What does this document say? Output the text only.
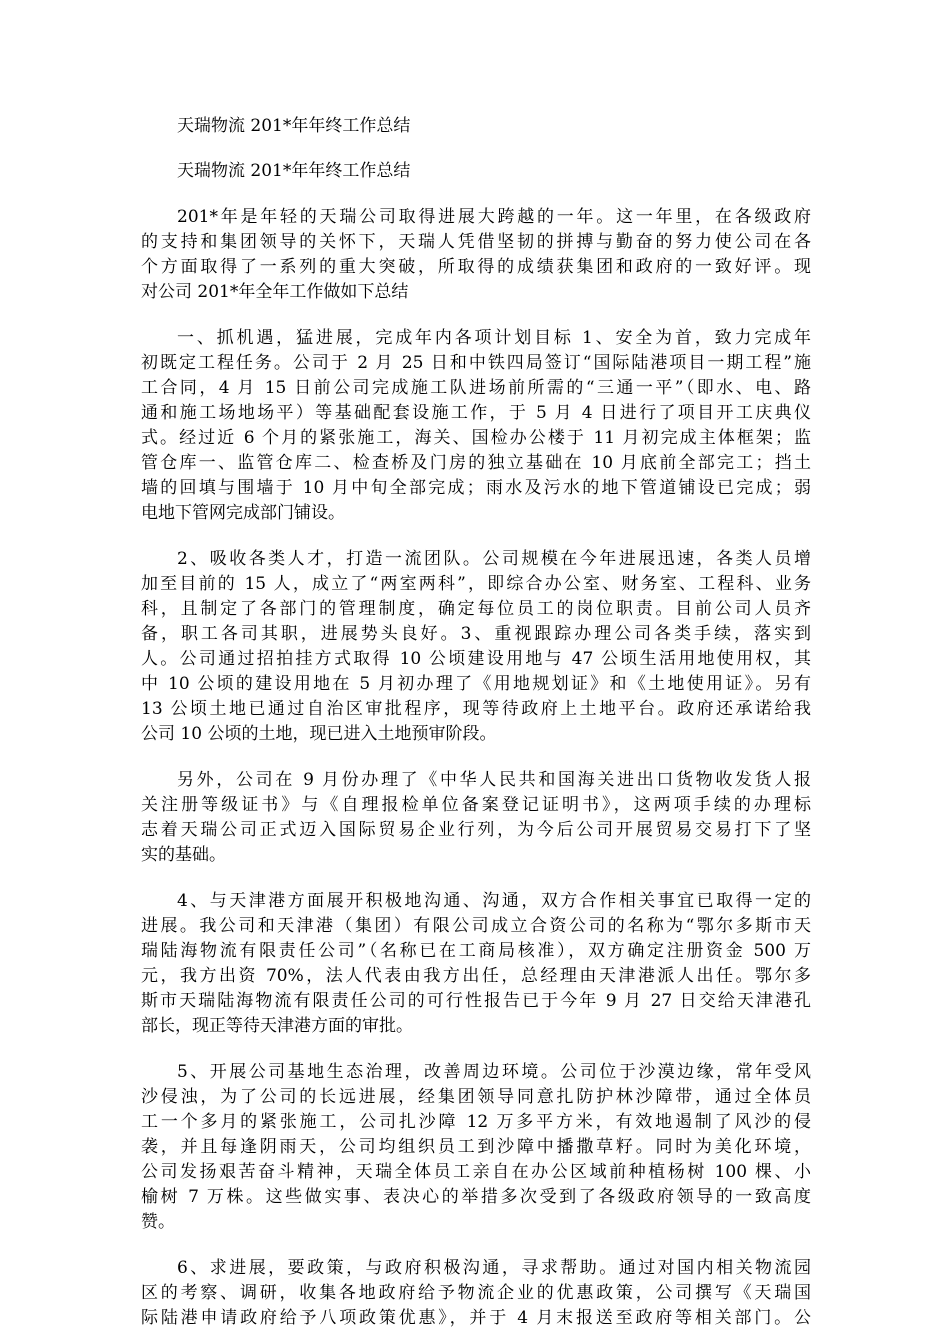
天瑞物流 201*年年终工作总结
天瑞物流 201*年年终工作总结
201*年是年轻的天瑞公司取得进展大跨越的一年。这一年里，在各级政府
的支持和集团领导的关怀下，天瑞人凭借坚韧的拼搏与勤奋的努力使公司在各
个方面取得了一系列的重大突破，所取得的成绩获集团和政府的一致好评。现
对公司 201*年全年工作做如下总结
一、抓机遇，猛进展，完成年内各项计划目标 1、安全为首，致力完成年
初既定工程任务。公司于 2 月 25 日和中铁四局签订“国际陆港项目一期工程”施
工合同，4 月 15 日前公司完成施工队进场前所需的“三通一平”（即水、电、路
通和施工场地场平）等基础配套设施工作，于 5 月 4 日进行了项目开工庆典仪
式。经过近 6 个月的紧张施工，海关、国检办公楼于 11 月初完成主体框架；监
管仓库一、监管仓库二、检查桥及门房的独立基础在 10 月底前全部完工；挡土
墙的回填与围墙于 10 月中旬全部完成；雨水及污水的地下管道铺设已完成；弱
电地下管网完成部门铺设。
2、吸收各类人才，打造一流团队。公司规模在今年进展迅速，各类人员增
加至目前的 15 人，成立了“两室两科”，即综合办公室、财务室、工程科、业务
科，且制定了各部门的管理制度，确定每位员工的岗位职责。目前公司人员齐
备，职工各司其职，进展势头良好。3、重视跟踪办理公司各类手续，落实到
人。公司通过招拍挂方式取得 10 公顷建设用地与 47 公顷生活用地使用权，其
中 10 公顷的建设用地在 5 月初办理了《用地规划证》和《土地使用证》。另有
13 公顷土地已通过自治区审批程序，现等待政府上土地平台。政府还承诺给我
公司 10 公顷的土地，现已进入土地预审阶段。
另外，公司在 9 月份办理了《中华人民共和国海关进出口货物收发货人报
关注册等级证书》与《自理报检单位备案登记证明书》，这两项手续的办理标
志着天瑞公司正式迈入国际贸易企业行列，为今后公司开展贸易交易打下了坚
实的基础。
4、与天津港方面展开积极地沟通、沟通，双方合作相关事宜已取得一定的
进展。我公司和天津港（集团）有限公司成立合资公司的名称为“鄂尔多斯市天
瑞陆海物流有限责任公司”（名称已在工商局核准），双方确定注册资金 500 万
元，我方出资 70%，法人代表由我方出任，总经理由天津港派人出任。鄂尔多
斯市天瑞陆海物流有限责任公司的可行性报告已于今年 9 月 27 日交给天津港孔
部长，现正等待天津港方面的审批。
5、开展公司基地生态治理，改善周边环境。公司位于沙漠边缘，常年受风
沙侵浊，为了公司的长远进展，经集团领导同意扎防护林沙障带，通过全体员
工一个多月的紧张施工，公司扎沙障 12 万多平方米，有效地遏制了风沙的侵
袭，并且每逢阴雨天，公司均组织员工到沙障中播撒草籽。同时为美化环境，
公司发扬艰苦奋斗精神，天瑞全体员工亲自在办公区域前种植杨树 100 棵、小
榆树 7 万株。这些做实事、表决心的举措多次受到了各级政府领导的一致高度
赞。
6、求进展，要政策，与政府积极沟通，寻求帮助。通过对国内相关物流园
区的考察、调研，收集各地政府给予物流企业的优惠政策，公司撰写《天瑞国
际陆港申请政府给予八项政策优惠》，并于 4 月末报送至政府等相关部门。公
